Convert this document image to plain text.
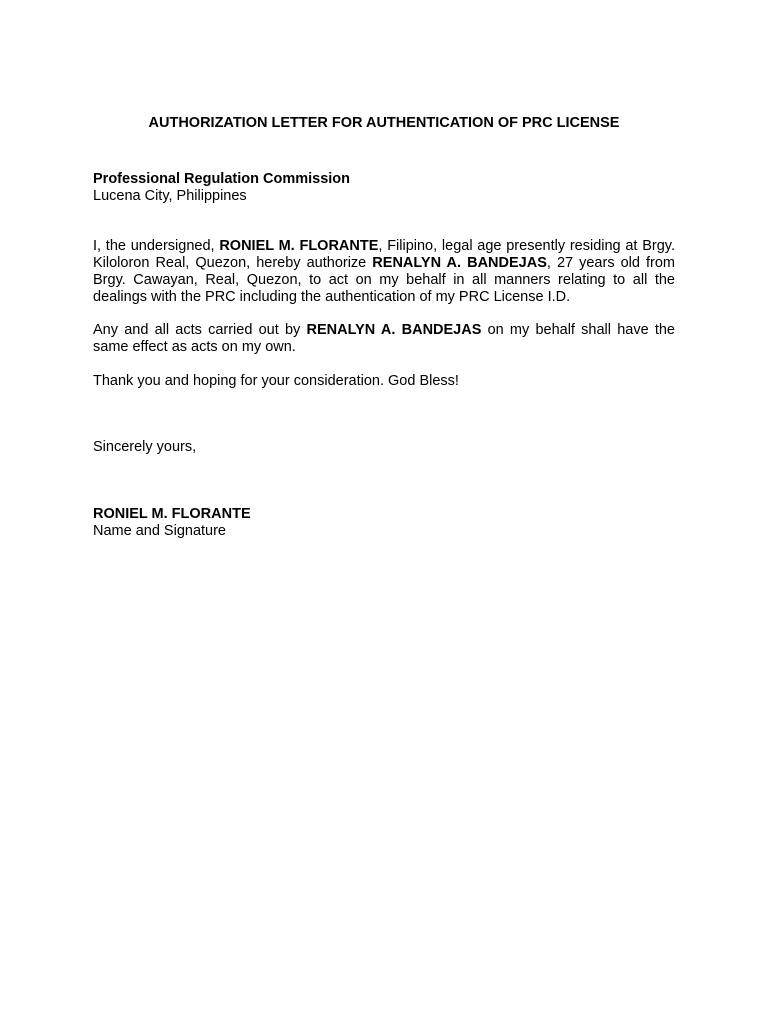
AUTHORIZATION LETTER FOR AUTHENTICATION OF PRC LICENSE
Professional Regulation Commission
Lucena City, Philippines
I, the undersigned, RONIEL M. FLORANTE, Filipino, legal age presently residing at Brgy. Kiloloron Real, Quezon, hereby authorize RENALYN A. BANDEJAS, 27 years old from Brgy. Cawayan, Real, Quezon, to act on my behalf in all manners relating to all the dealings with the PRC including the authentication of my PRC License I.D.
Any and all acts carried out by RENALYN A. BANDEJAS on my behalf shall have the same effect as acts on my own.
Thank you and hoping for your consideration. God Bless!
Sincerely yours,
RONIEL M. FLORANTE
Name and Signature
